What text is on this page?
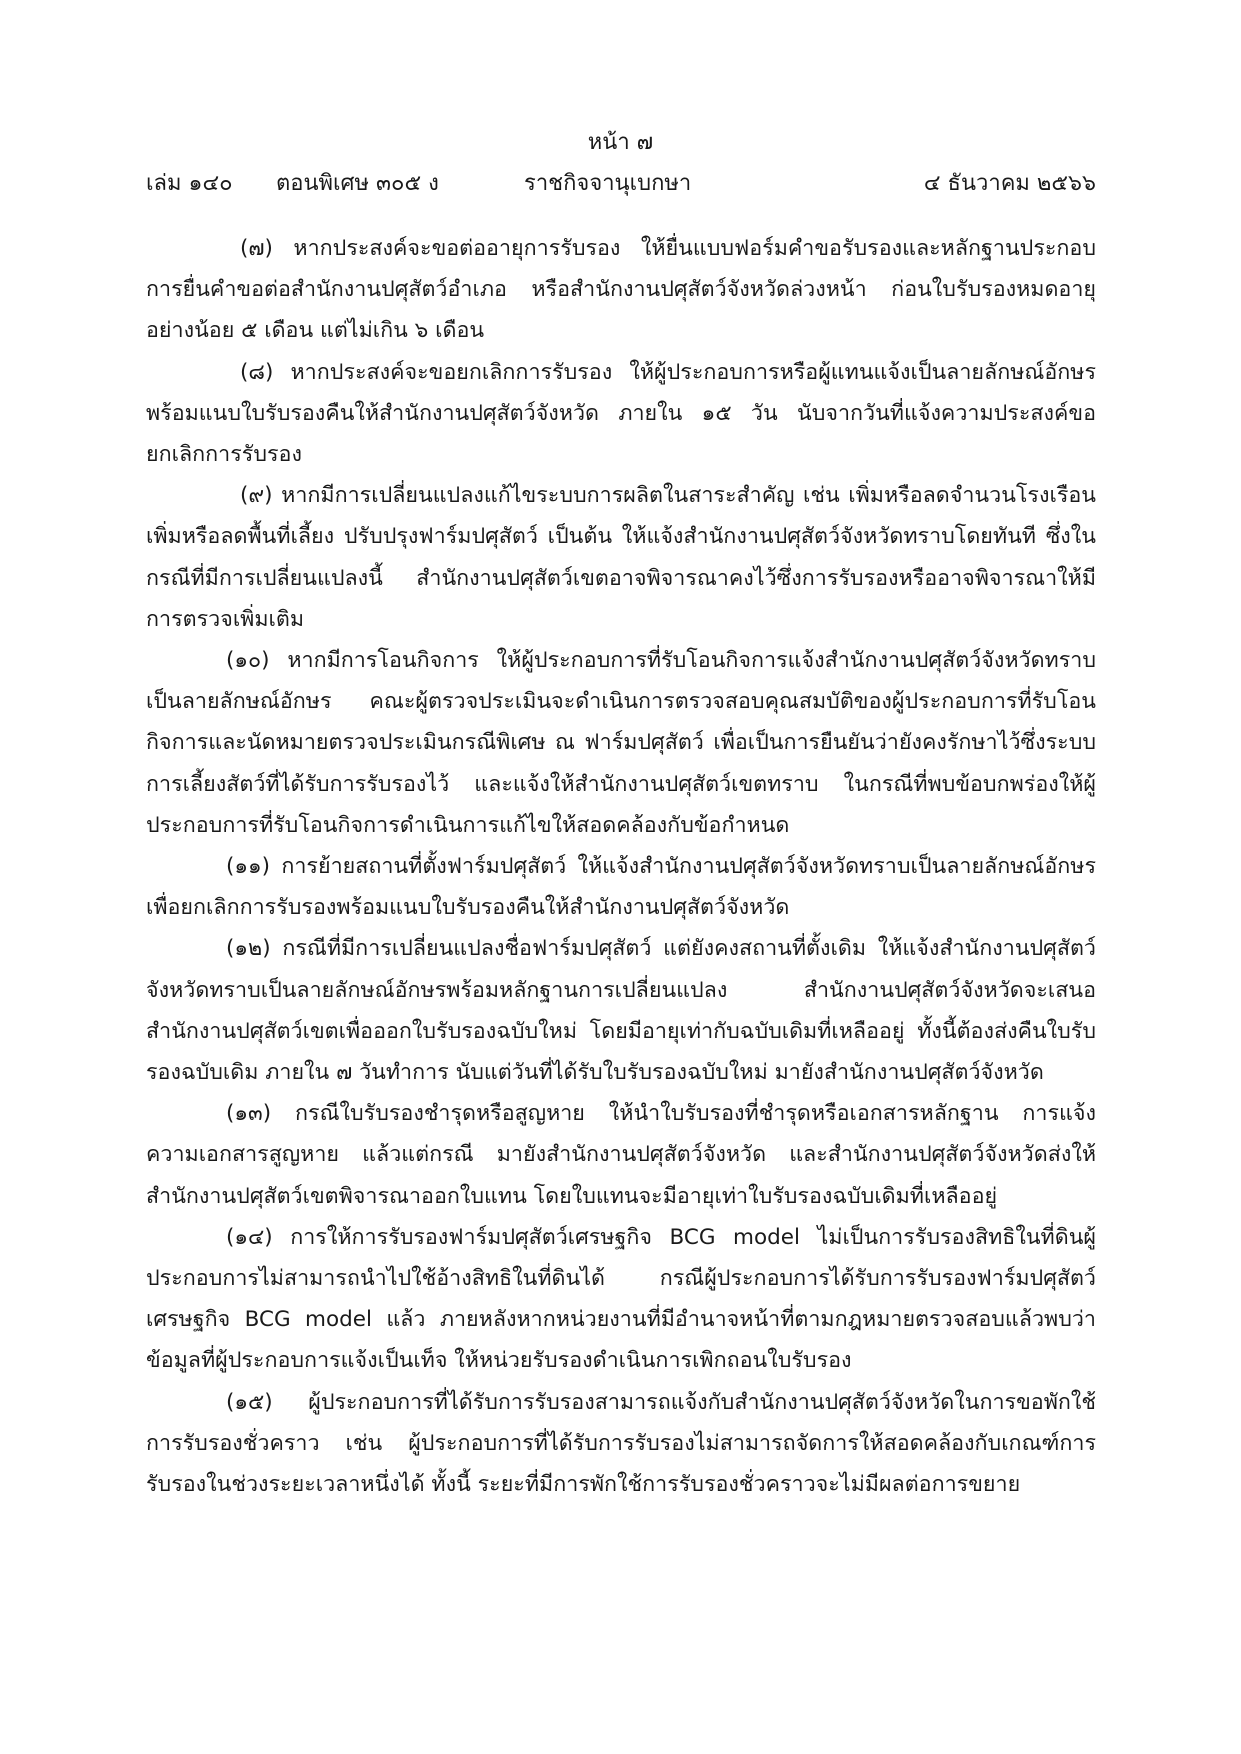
หน้า ๗
เล่ม ๑๔๐ ตอนพิเศษ ๓๐๕ ง	ราชกิจจานุเบกษา	๔ ธันวาคม ๒๕๖๖

(๗) หากประสงค์จะขอต่ออายุการรับรอง ให้ยื่นแบบฟอร์มคำขอรับรองและหลักฐานประกอบการยื่นคำขอต่อสำนักงานปศุสัตว์อำเภอ หรือสำนักงานปศุสัตว์จังหวัดล่วงหน้า ก่อนใบรับรองหมดอายุอย่างน้อย ๕ เดือน แต่ไม่เกิน ๖ เดือน

(๘) หากประสงค์จะขอยกเลิกการรับรอง ให้ผู้ประกอบการหรือผู้แทนแจ้งเป็นลายลักษณ์อักษรพร้อมแนบใบรับรองคืนให้สำนักงานปศุสัตว์จังหวัด ภายใน ๑๕ วัน นับจากวันที่แจ้งความประสงค์ขอยกเลิกการรับรอง

(๙) หากมีการเปลี่ยนแปลงแก้ไขระบบการผลิตในสาระสำคัญ เช่น เพิ่มหรือลดจำนวนโรงเรือน เพิ่มหรือลดพื้นที่เลี้ยง ปรับปรุงฟาร์มปศุสัตว์ เป็นต้น ให้แจ้งสำนักงานปศุสัตว์จังหวัดทราบโดยทันที ซึ่งในกรณีที่มีการเปลี่ยนแปลงนี้ สำนักงานปศุสัตว์เขตอาจพิจารณาคงไว้ซึ่งการรับรองหรืออาจพิจารณาให้มีการตรวจเพิ่มเติม

(๑๐) หากมีการโอนกิจการ ให้ผู้ประกอบการที่รับโอนกิจการแจ้งสำนักงานปศุสัตว์จังหวัดทราบเป็นลายลักษณ์อักษร คณะผู้ตรวจประเมินจะดำเนินการตรวจสอบคุณสมบัติของผู้ประกอบการที่รับโอนกิจการและนัดหมายตรวจประเมินกรณีพิเศษ ณ ฟาร์มปศุสัตว์ เพื่อเป็นการยืนยันว่ายังคงรักษาไว้ซึ่งระบบการเลี้ยงสัตว์ที่ได้รับการรับรองไว้ และแจ้งให้สำนักงานปศุสัตว์เขตทราบ ในกรณีที่พบข้อบกพร่องให้ผู้ประกอบการที่รับโอนกิจการดำเนินการแก้ไขให้สอดคล้องกับข้อกำหนด

(๑๑) การย้ายสถานที่ตั้งฟาร์มปศุสัตว์ ให้แจ้งสำนักงานปศุสัตว์จังหวัดทราบเป็นลายลักษณ์อักษรเพื่อยกเลิกการรับรองพร้อมแนบใบรับรองคืนให้สำนักงานปศุสัตว์จังหวัด

(๑๒) กรณีที่มีการเปลี่ยนแปลงชื่อฟาร์มปศุสัตว์ แต่ยังคงสถานที่ตั้งเดิม ให้แจ้งสำนักงานปศุสัตว์จังหวัดทราบเป็นลายลักษณ์อักษรพร้อมหลักฐานการเปลี่ยนแปลง สำนักงานปศุสัตว์จังหวัดจะเสนอสำนักงานปศุสัตว์เขตเพื่อออกใบรับรองฉบับใหม่ โดยมีอายุเท่ากับฉบับเดิมที่เหลืออยู่ ทั้งนี้ต้องส่งคืนใบรับรองฉบับเดิม ภายใน ๗ วันทำการ นับแต่วันที่ได้รับใบรับรองฉบับใหม่ มายังสำนักงานปศุสัตว์จังหวัด

(๑๓) กรณีใบรับรองชำรุดหรือสูญหาย ให้นำใบรับรองที่ชำรุดหรือเอกสารหลักฐาน การแจ้งความเอกสารสูญหาย แล้วแต่กรณี มายังสำนักงานปศุสัตว์จังหวัด และสำนักงานปศุสัตว์จังหวัดส่งให้สำนักงานปศุสัตว์เขตพิจารณาออกใบแทน โดยใบแทนจะมีอายุเท่าใบรับรองฉบับเดิมที่เหลืออยู่

(๑๔) การให้การรับรองฟาร์มปศุสัตว์เศรษฐกิจ BCG model ไม่เป็นการรับรองสิทธิในที่ดินผู้ประกอบการไม่สามารถนำไปใช้อ้างสิทธิในที่ดินได้ กรณีผู้ประกอบการได้รับการรับรองฟาร์มปศุสัตว์เศรษฐกิจ BCG model แล้ว ภายหลังหากหน่วยงานที่มีอำนาจหน้าที่ตามกฎหมายตรวจสอบแล้วพบว่า ข้อมูลที่ผู้ประกอบการแจ้งเป็นเท็จ ให้หน่วยรับรองดำเนินการเพิกถอนใบรับรอง

(๑๕) ผู้ประกอบการที่ได้รับการรับรองสามารถแจ้งกับสำนักงานปศุสัตว์จังหวัดในการขอพักใช้การรับรองชั่วคราว เช่น ผู้ประกอบการที่ได้รับการรับรองไม่สามารถจัดการให้สอดคล้องกับเกณฑ์การรับรองในช่วงระยะเวลาหนึ่งได้ ทั้งนี้ ระยะที่มีการพักใช้การรับรองชั่วคราวจะไม่มีผลต่อการขยาย
